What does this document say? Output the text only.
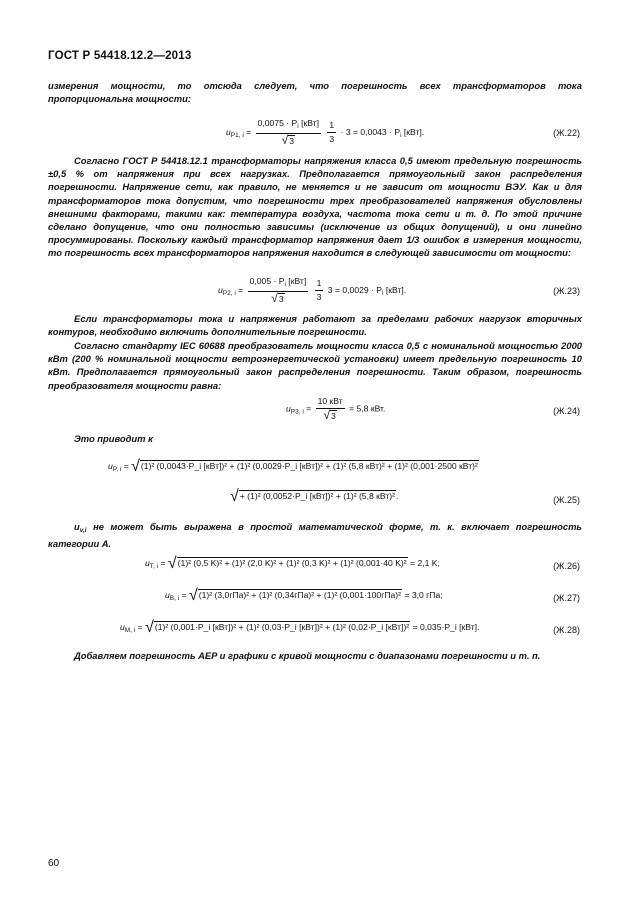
ГОСТ Р 54418.12.2—2013
измерения мощности, то отсюда следует, что погрешность всех трансформаторов тока пропорциональна мощности:
$u_{P1, i} = \frac{0,0075 \cdot P_i [кВт]}{√3}$
$\frac{1}{3} \cdot 3 = 0,0043 \cdot P_i$ [кВт].	(Ж.22)
Согласно ГОСТ Р 54418.12.1 трансформаторы напряжения класса 0,5 имеют предельную погрешность ±0,5 % от напряжения при всех нагрузках. Предполагается прямоугольный закон распределения погрешности. Напряжение сети, как правило, не меняется и не зависит от мощности ВЭУ. Как и для трансформаторов тока допустим, что погрешности трех преобразователей напряжения обусловлены внешними факторами, такими как: температура воздуха, частота тока сети и т. д. По этой причине сделано допущение, что они полностью зависимы (исключение из общих допущений), и они линейно просуммированы. Поскольку каждый трансформатор напряжения дает 1/3 ошибок в измерения мощности, то погрешность всех трансформаторов напряжения находится в следующей зависимости от мощности:
$u_{P2, i} = \frac{0,005 \cdot P_i [кВт]}{√3}$
$\frac{1}{3} 3 = 0,0029 \cdot P_i$ [кВт].	(Ж.23)
Если трансформаторы тока и напряжения работают за пределами рабочих нагрузок вторичных контуров, необходимо включить дополнительные погрешности.
Согласно стандарту IEC 60688 преобразователь мощности класса 0,5 с номинальной мощностью 2000 кВт (200 % номинальной мощности ветроэнергетической установки) имеет предельную погрешность 10 кВт. Предполагается прямоугольный закон распределения погрешности. Таким образом, погрешность преобразователя мощности равна:
$u_{P3, i} = \frac{\text{10 кВт}}{√3} = 5,8$ кВт.	(Ж.24)
Это приводит к
$u_{P, i} = √(1)^2$ (0,0043·P_i [кВт])² + (1)² (0,0029·P_i [кВт])² + (1)² (5,8 кВт)² + (1)² (0,001·2500 кВт)²
√+ (1)² (0,0052·P_i [кВт])² + (1)² (5,8 кВт)².	(Ж.25)
$u_{v,i}$ не может быть выражена в простой математической форме, т. к. включает погрешность категории А.
$u_{T, i} = √(1)^2$ (0,5 K)² + (1)² (2,0 K)² + (1)² (0,3 K)² + (1)² (0,001·40 K)² = 2,1 K;	(Ж.26)
$u_{B, i} = √(1)^2$ (3,0гПа)² + (1)² (0,34гПа)² + (1)² (0,001·100гПа)² = 3,0 гПа;	(Ж.27)
$u_{M, i} = √(1)^2$ (0,001·P_i [кВт])² + (1)² (0,03·P_i [кВт])² + (1)² (0,02·P_i [кВт])² = 0,035·P_i [кВт].	(Ж.28)
Добавляем погрешность AEP и графики с кривой мощности с диапазонами погрешности и т. п.
60
